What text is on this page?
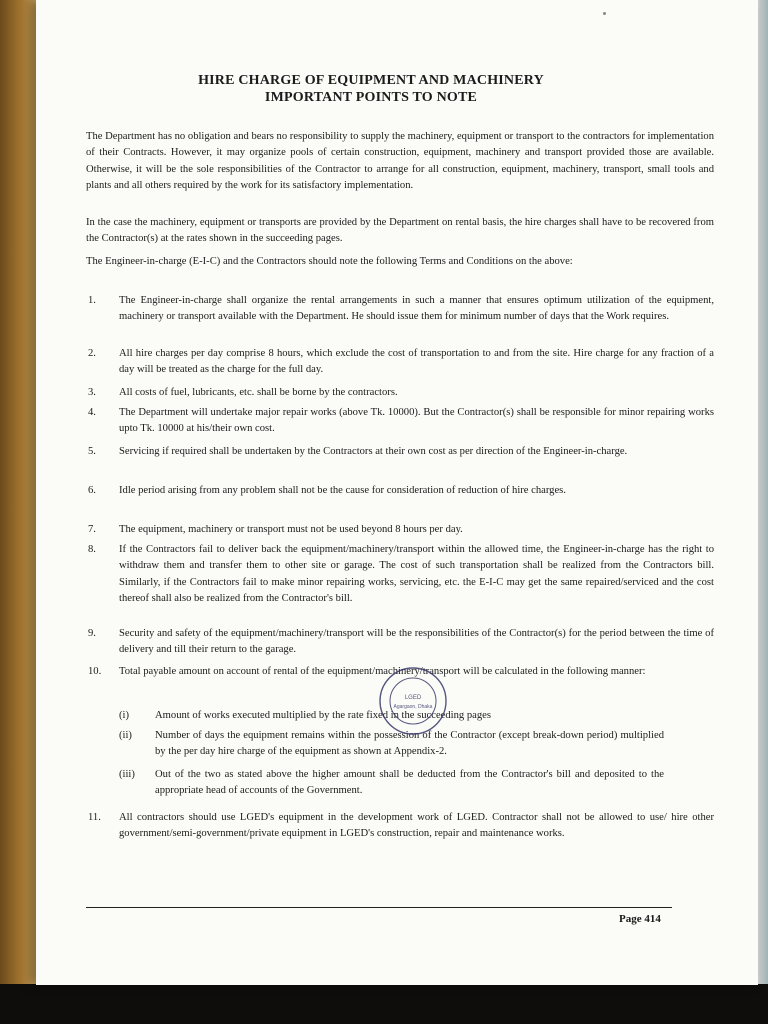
HIRE CHARGE OF EQUIPMENT AND MACHINERY
IMPORTANT POINTS TO NOTE
The Department has no obligation and bears no responsibility to supply the machinery, equipment or transport to the contractors for implementation of their Contracts. However, it may organize pools of certain construction, equipment, machinery and transport provided those are available. Otherwise, it will be the sole responsibilities of the Contractor to arrange for all construction, equipment, machinery, transport, small tools and plants and all others required by the work for its satisfactory implementation.
In the case the machinery, equipment or transports are provided by the Department on rental basis, the hire charges shall have to be recovered from the Contractor(s) at the rates shown in the succeeding pages.
The Engineer-in-charge (E-I-C) and the Contractors should note the following Terms and Conditions on the above:
1. The Engineer-in-charge shall organize the rental arrangements in such a manner that ensures optimum utilization of the equipment, machinery or transport available with the Department. He should issue them for minimum number of days that the Work requires.
2. All hire charges per day comprise 8 hours, which exclude the cost of transportation to and from the site. Hire charge for any fraction of a day will be treated as the charge for the full day.
3. All costs of fuel, lubricants, etc. shall be borne by the contractors.
4. The Department will undertake major repair works (above Tk. 10000). But the Contractor(s) shall be responsible for minor repairing works upto Tk. 10000 at his/their own cost.
5. Servicing if required shall be undertaken by the Contractors at their own cost as per direction of the Engineer-in-charge.
6. Idle period arising from any problem shall not be the cause for consideration of reduction of hire charges.
7. The equipment, machinery or transport must not be used beyond 8 hours per day.
8. If the Contractors fail to deliver back the equipment/machinery/transport within the allowed time, the Engineer-in-charge has the right to withdraw them and transfer them to other site or garage. The cost of such transportation shall be realized from the Contractors bill. Similarly, if the Contractors fail to make minor repairing works, servicing, etc. the E-I-C may get the same repaired/serviced and the cost thereof shall also be realized from the Contractor's bill.
9. Security and safety of the equipment/machinery/transport will be the responsibilities of the Contractor(s) for the period between the time of delivery and till their return to the garage.
10. Total payable amount on account of rental of the equipment/machinery/transport will be calculated in the following manner:
(i) Amount of works executed multiplied by the rate fixed in the succeeding pages
(ii) Number of days the equipment remains within the possession of the Contractor (except break-down period) multiplied by the per day hire charge of the equipment as shown at Appendix-2.
(iii) Out of the two as stated above the higher amount shall be deducted from the Contractor's bill and deposited to the appropriate head of accounts of the Government.
11. All contractors should use LGED's equipment in the development work of LGED. Contractor shall not be allowed to use/ hire other government/semi-government/private equipment in LGED's construction, repair and maintenance works.
LGED
Agargaon, Dhaka
Page 414
